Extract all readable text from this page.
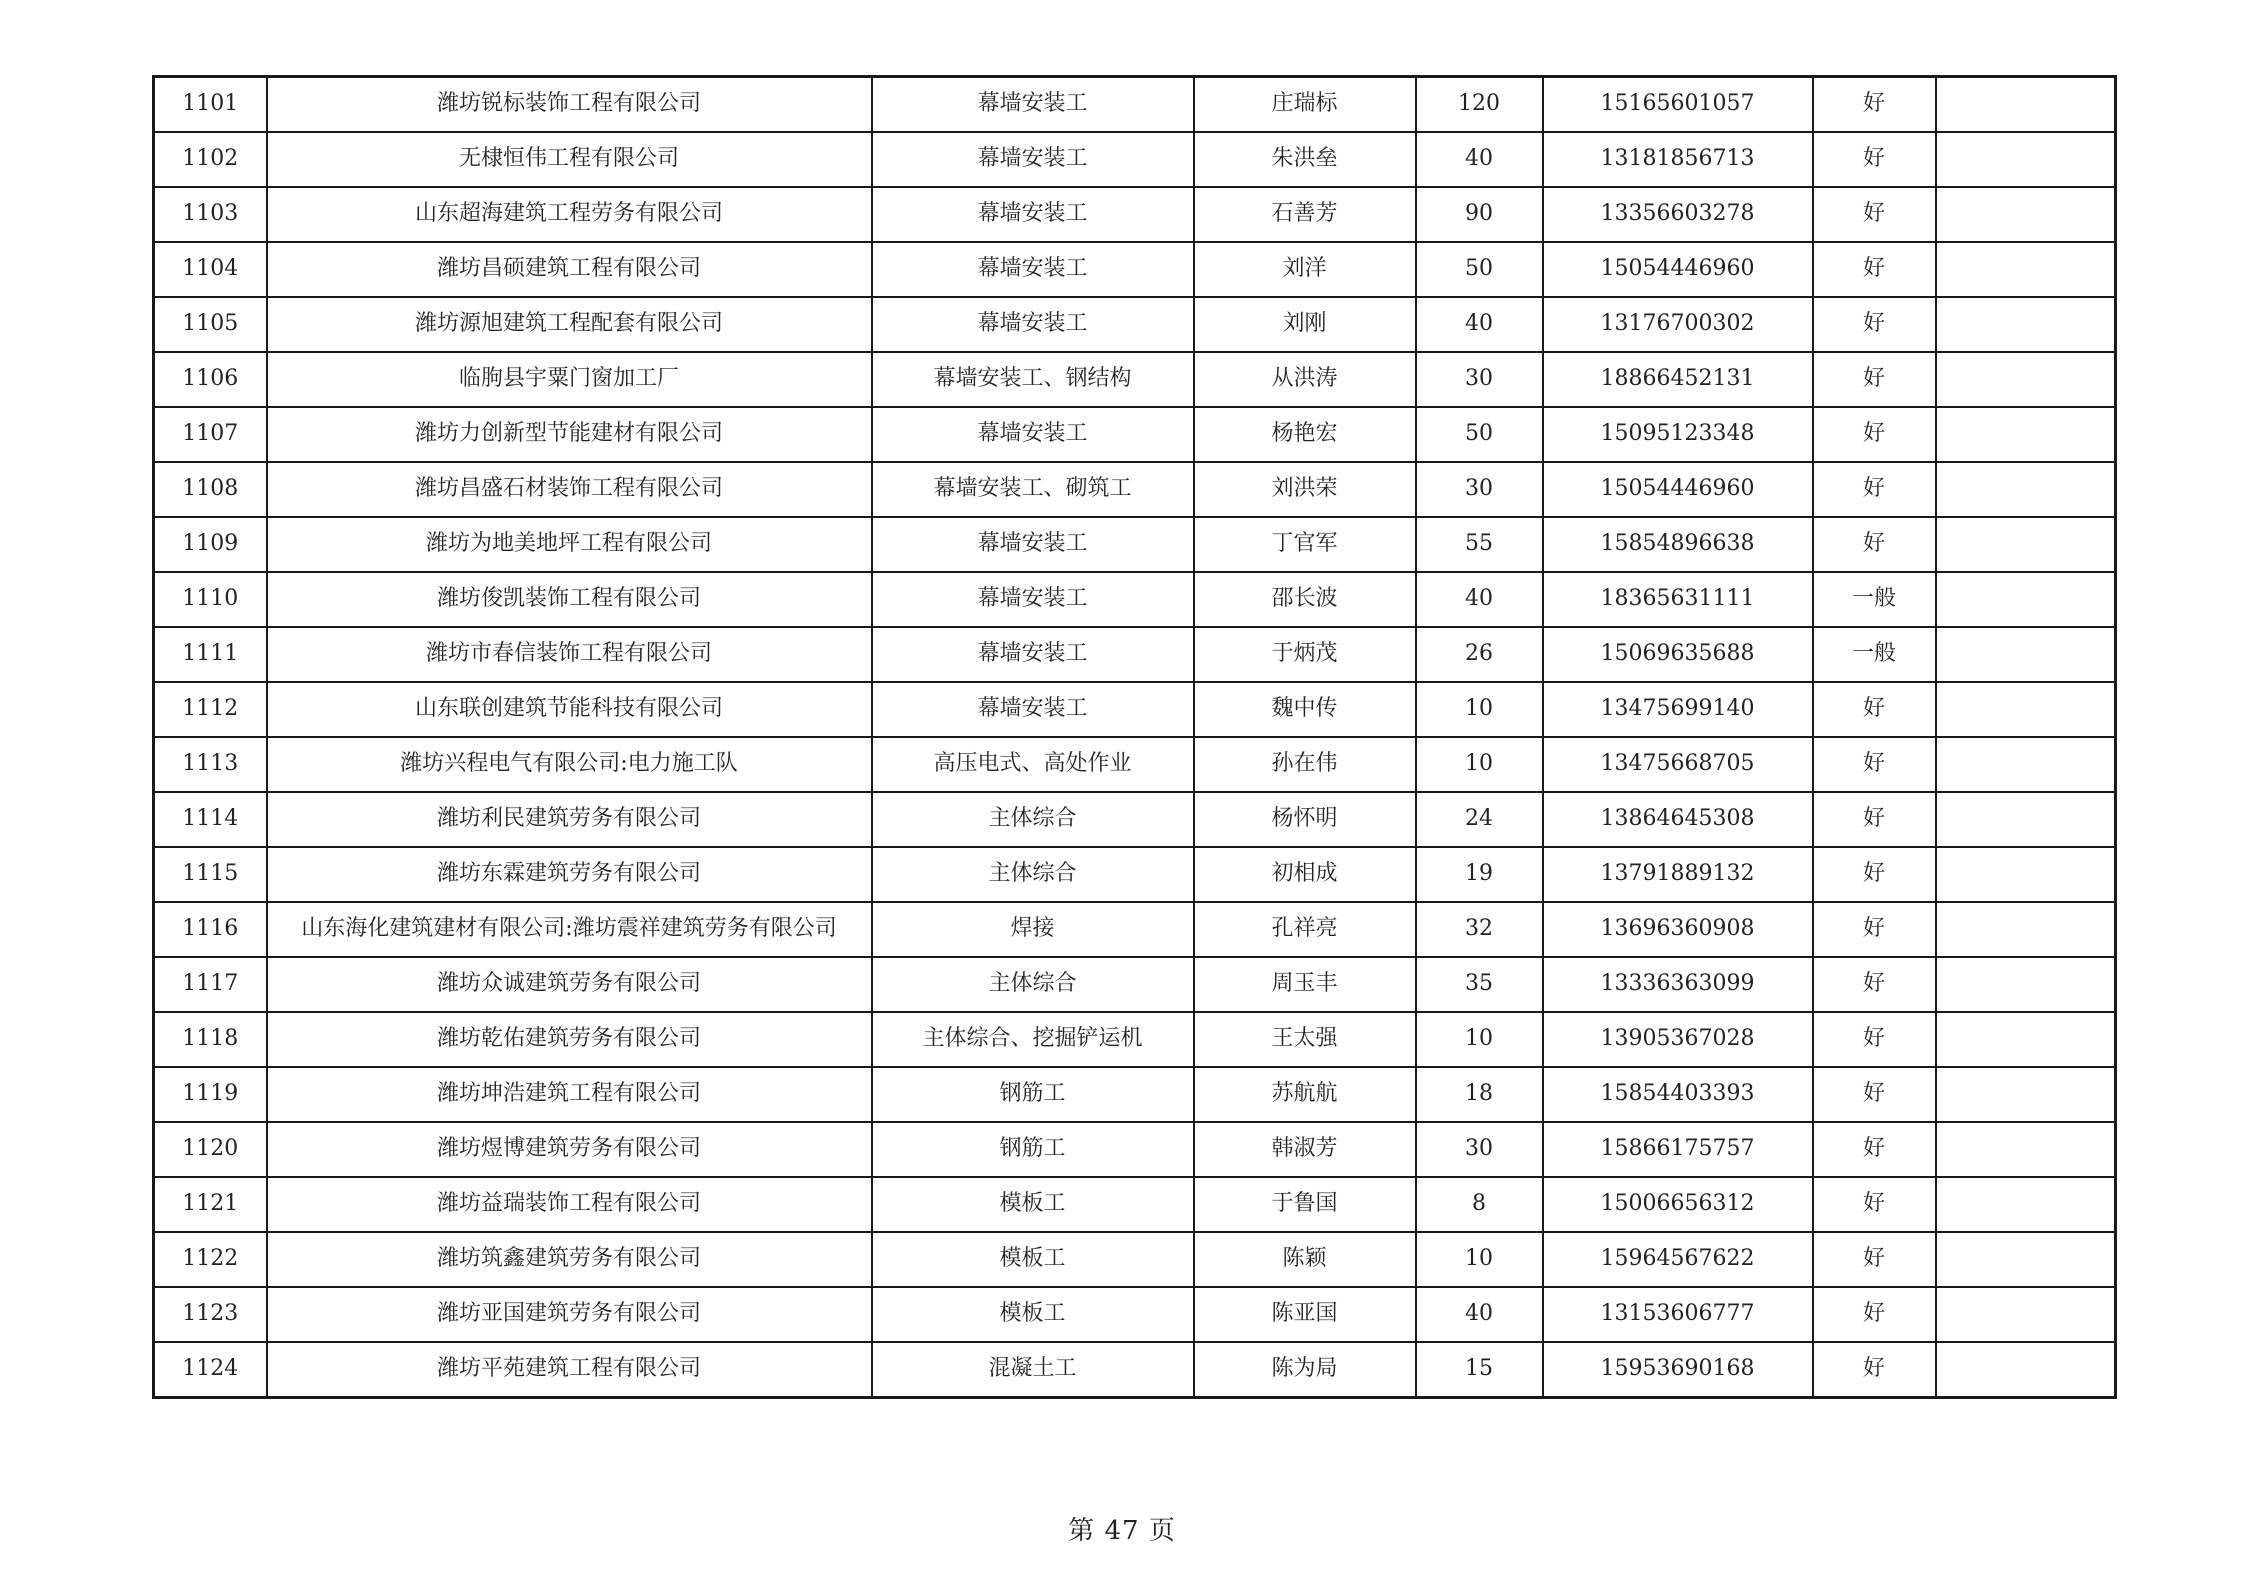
1101	潍坊锐标装饰工程有限公司	幕墙安装工	庄瑞标	120	15165601057	好	
1102	无棣恒伟工程有限公司	幕墙安装工	朱洪垒	40	13181856713	好	
1103	山东超海建筑工程劳务有限公司	幕墙安装工	石善芳	90	13356603278	好	
1104	潍坊昌硕建筑工程有限公司	幕墙安装工	刘洋	50	15054446960	好	
1105	潍坊源旭建筑工程配套有限公司	幕墙安装工	刘刚	40	13176700302	好	
1106	临朐县宇粟门窗加工厂	幕墙安装工、钢结构	从洪涛	30	18866452131	好	
1107	潍坊力创新型节能建材有限公司	幕墙安装工	杨艳宏	50	15095123348	好	
1108	潍坊昌盛石材装饰工程有限公司	幕墙安装工、砌筑工	刘洪荣	30	15054446960	好	
1109	潍坊为地美地坪工程有限公司	幕墙安装工	丁官军	55	15854896638	好	
1110	潍坊俊凯装饰工程有限公司	幕墙安装工	邵长波	40	18365631111	一般	
1111	潍坊市春信装饰工程有限公司	幕墙安装工	于炳茂	26	15069635688	一般	
1112	山东联创建筑节能科技有限公司	幕墙安装工	魏中传	10	13475699140	好	
1113	潍坊兴程电气有限公司:电力施工队	高压电式、高处作业	孙在伟	10	13475668705	好	
1114	潍坊利民建筑劳务有限公司	主体综合	杨怀明	24	13864645308	好	
1115	潍坊东霖建筑劳务有限公司	主体综合	初相成	19	13791889132	好	
1116	山东海化建筑建材有限公司:潍坊震祥建筑劳务有限公司	焊接	孔祥亮	32	13696360908	好	
1117	潍坊众诚建筑劳务有限公司	主体综合	周玉丰	35	13336363099	好	
1118	潍坊乾佑建筑劳务有限公司	主体综合、挖掘铲运机	王太强	10	13905367028	好	
1119	潍坊坤浩建筑工程有限公司	钢筋工	苏航航	18	15854403393	好	
1120	潍坊煜博建筑劳务有限公司	钢筋工	韩淑芳	30	15866175757	好	
1121	潍坊益瑞装饰工程有限公司	模板工	于鲁国	8	15006656312	好	
1122	潍坊筑鑫建筑劳务有限公司	模板工	陈颖	10	15964567622	好	
1123	潍坊亚国建筑劳务有限公司	模板工	陈亚国	40	13153606777	好	
1124	潍坊平苑建筑工程有限公司	混凝土工	陈为局	15	15953690168	好	
第 47 页
